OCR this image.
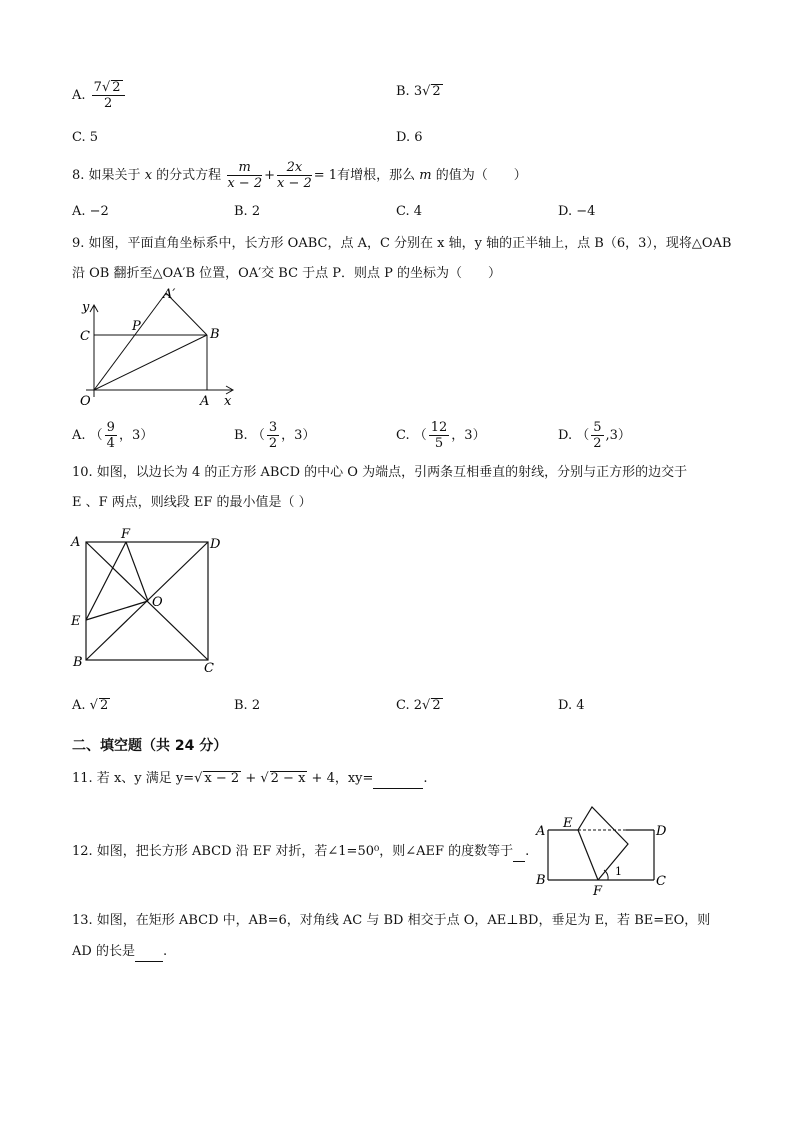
A. $\frac{7√ 2}{2}$	B. 3√ 2
C. 5	D. 6
8. 如果关于 x 的分式方程 $\frac{m}{x - 2} + \frac{2x}{x - 2} = 1$有增根，那么 m 的值为（　　）
A. −2	B. 2	C. 4	D. −4
9. 如图，平面直角坐标系中，长方形 OABC，点 A，C 分别在 x 轴，y 轴的正半轴上，点 B（6，3），现将△OAB
沿 OB 翻折至△OA′B 位置，OA′交 BC 于点 P．则点 P 的坐标为（　　）
y
A′
C
P
B
O	A x
A. （ $\frac{9}{4}$ ，3）	B. （ $\frac{3}{2}$ ，3）	C. （ $\frac{12}{5}$ ，3）	D. （ $\frac{5}{2} ,3$）
10. 如图，以边长为 4 的正方形 ABCD 的中心 O 为端点，引两条互相垂直的射线，分别与正方形的边交于
E 、F 两点，则线段 EF 的最小值是（ ）
A
F
D
O
E
B	C
A. √ 2	B. 2	C. 2√ 2	D. 4
二、填空题（共 24 分）
11. 若 x、y 满足 y=√ x − 2 + √ 2 − x + 4，xy=	.
12. 如图，把长方形 ABCD 沿 EF 对折，若∠1=50⁰，则∠AEF 的度数等于 .
A
E
D
B
F
1
C
13. 如图，在矩形 ABCD 中，AB=6，对角线 AC 与 BD 相交于点 O，AE⊥BD，垂足为 E，若 BE=EO，则
AD 的长是 .
